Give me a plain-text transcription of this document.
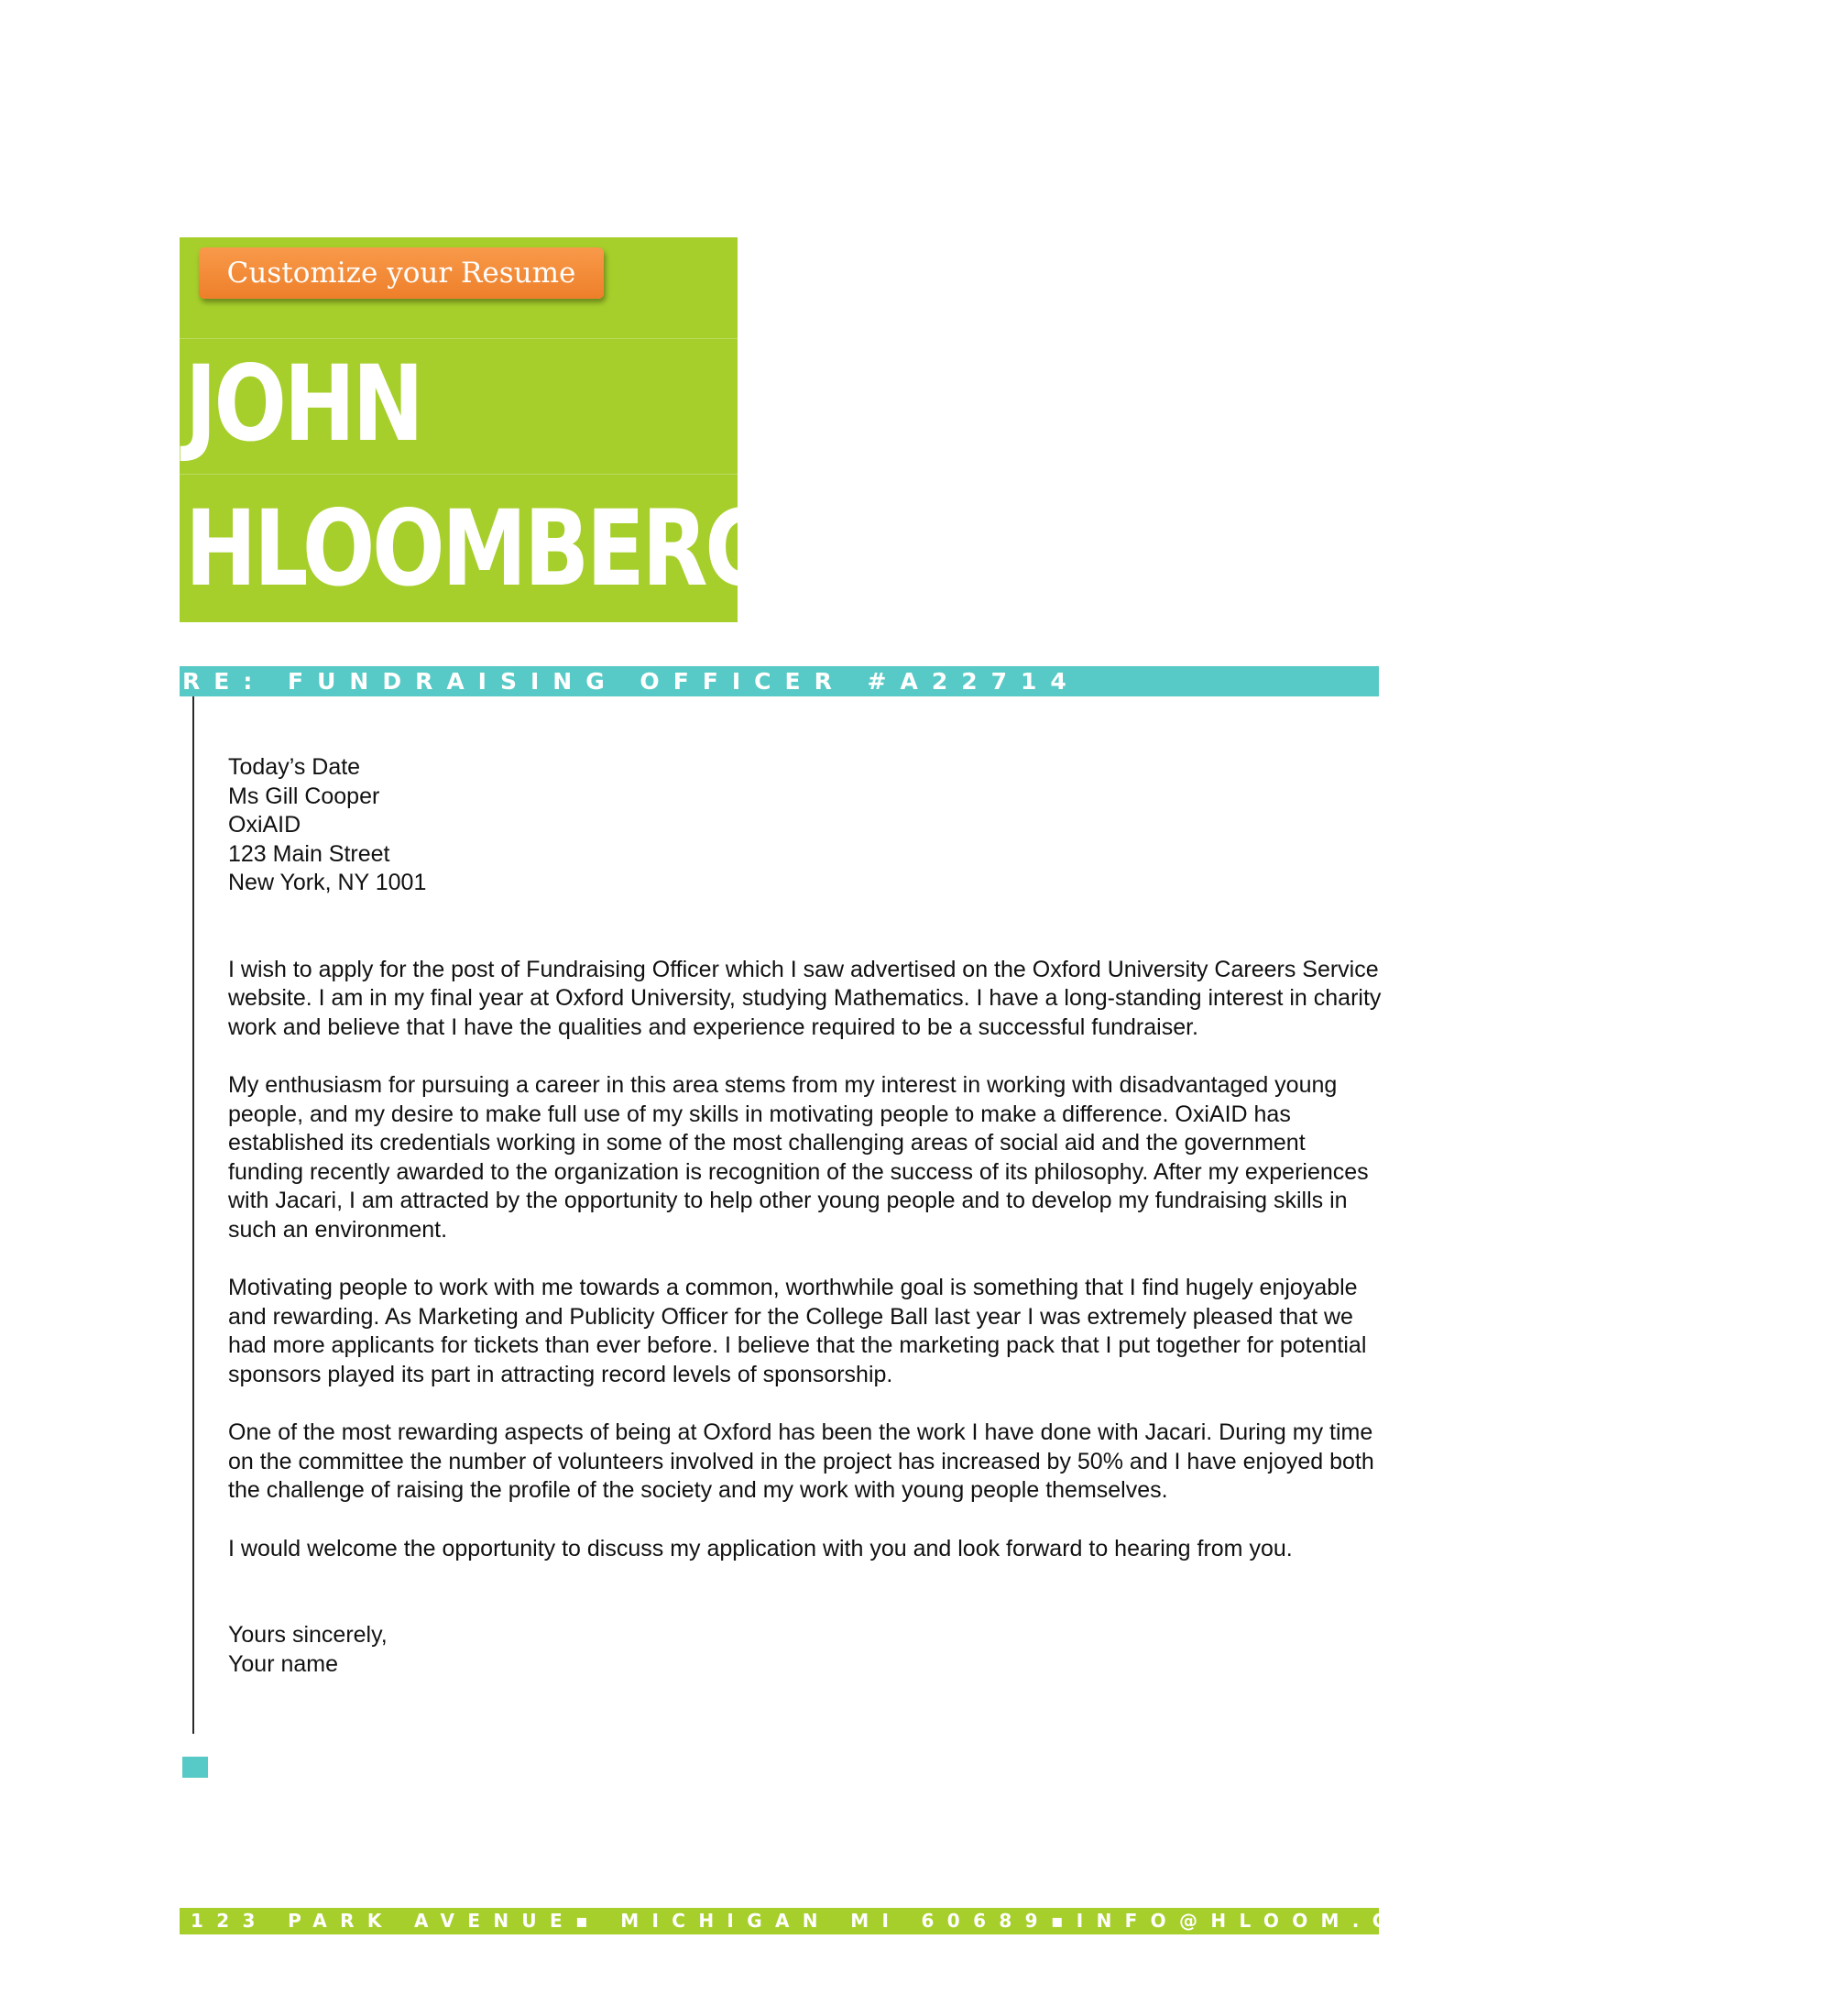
Customize your Resume
JOHN
HLOOMBERG
RE: FUNDRAISING OFFICER #A22714
Today’s Date
Ms Gill Cooper
OxiAID
123 Main Street
New York, NY 1001

I wish to apply for the post of Fundraising Officer which I saw advertised on the Oxford University Careers Service website. I am in my final year at Oxford University, studying Mathematics. I have a long-standing interest in charity work and believe that I have the qualities and experience required to be a successful fundraiser.

My enthusiasm for pursuing a career in this area stems from my interest in working with disadvantaged young people, and my desire to make full use of my skills in motivating people to make a difference. OxiAID has established its credentials working in some of the most challenging areas of social aid and the government funding recently awarded to the organization is recognition of the success of its philosophy. After my experiences with Jacari, I am attracted by the opportunity to help other young people and to develop my fundraising skills in such an environment.

Motivating people to work with me towards a common, worthwhile goal is something that I find hugely enjoyable and rewarding. As Marketing and Publicity Officer for the College Ball last year I was extremely pleased that we had more applicants for tickets than ever before. I believe that the marketing pack that I put together for potential sponsors played its part in attracting record levels of sponsorship.

One of the most rewarding aspects of being at Oxford has been the work I have done with Jacari. During my time on the committee the number of volunteers involved in the project has increased by 50% and I have enjoyed both the challenge of raising the profile of the society and my work with young people themselves.

I would welcome the opportunity to discuss my application with you and look forward to hearing from you.

Yours sincerely,
Your name
123 PARK AVENUE▪ MICHIGAN MI 60689▪INFO@HLOOM.COM▪(123) 456 7899
